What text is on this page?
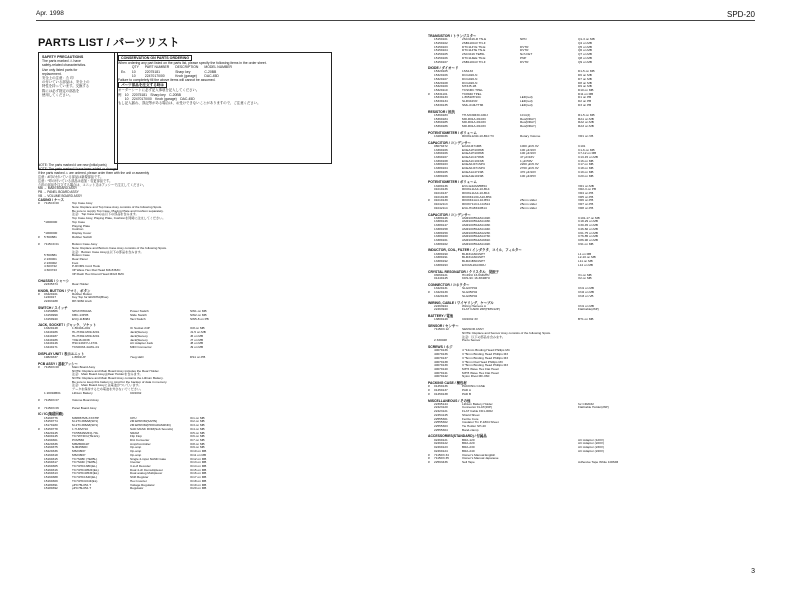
Apr. 1998	SPD-20
PARTS LIST / パーツリスト
SAFETY PRECAUTIONS
The parts marked ⚠ have
safety-related characteristics.
Use only listed parts for
replacement.
安全上の注意：⚠ 印
の付いている部品は、安全上の
特性を持っています。交換する
際には必ず指定の部品を
使用してください。
CONSERVATION ON PARTS ORDERING
When ordering any part listed on the parts list, please specify the following items in the order sheet.
	QTY	PART NUMBER	DESCRIPTION	MODEL NUMBER
Ex.	10	22075181	Sharp key	C-20BB
	10	22470170/00	Knob (garage)	DAC-45D
Failure to completely fill the above items will cannot be assumed.
パーツ部品を注文する時は
オーダーシートに必ず記入事項を記入してください。
例　10　22075181　Sharp key　C-20BB
　　10　22470170/00　Knob (garage)　DAC-45D
もし記入漏れ、誤記等がある場合は、お受けできないことがありますので、ご注意ください。
NOTE: The parts marked # are new (initial parts)
NOTE: The parts marked * have been added or changed
If the parts marked ⚠ are ordered, please order them with the unit or assembly
注意：#印の付いている部品は新規部品です。
注意：*印の付いている部品は追加・変更部品です。
⚠印の部品を注文する場合は、ユニット又はアッシーで注文してください。
MB → MAIN BOARD ASSY
PB → PANEL BOARD ASSY
VB → VOLUME BOARD ASSY
CASING / ケース
#	7115C9 00	Top Case Assy
Note: Replace and Top Case Assy consists of the following Spots.
Be sure to supply Top Case, Playing Plate and Cushion separately.
注意：Top Case Assyは以下の部品を含みます。
Top Case Assy, Playing Plate, Cushionを同時に注文してください。
*1000000	Top Case
Playing Plate
Cushion
*1000000	Display Cover
#	5 560881	Rubber Switch
#	7115C9 01	Bottom Case Assy
Note: Replace and Bottom Case Assy consists of the following Spots.
注意：Bottom Case Assyは以下の部品を含みます。
5 560881	Bottom Case
2 230001	Rear Panel
2 230002	Foot
4 603722	P-ROMS Cord Hook
4 603723	3P Wave Hex Flat Head M3x8 BZC
3P Flash Hex Round Head M3x6 BZC
CHASSIS / シャーシ
22335374	Rear Holder
KNOB, BUTTON / ツマミ、ボタン
#	03429101	Rubber Button
1240017	Key Top for ED/DHA(Blue)
22493188	RP-9060 knob
SWITCH / スイッチ
13159886	SPUN780A0A	Power Switch	SW1 on MB
13159999	KBC-13P05	Slide Switch	SW2 on MB
13159940	EVQ-11B384	Tact Switch	SW5-8 on PB
JACK, SOCKET / ジャック、ソケット
13329148	1 86403+001	IC Socket 24P	IC8 on MB
13449186	HLJ7392-M09-3201	Jack(Stereo)	J1-5 on MB
13449187	HLJ7392-M09-3201	Jack(Stereo)	J6 on MB
13449186	YKE16-0038	Jack(Stereo)	J7 on MB
13449146	HSC1494YU-4731	AC Adapter Jack	J8 on MB
13449171	TCN0033-4AWL-01	MIDI Connector	J9 on MB
DISPLAY UNIT / 表示ユニット
19829337	L 8801UP	7seg LED	DS1 on PB
PCB ASSY / 基板アッシー
#	7115D3 00	Main Board Assy
NOTE: Replace and Main Board Assy includes the Rear Holder.
注意：Main Board AssyはRear Holderを含みます。
NOTE: Replace and Main Board Assy contains the Lithium Battery.
Be sure to keep this battery in mind for the backup of data in memory.
注意：Main Board Assyには電池がついています。
データを保持するため電池を外さないでください。
1 20094B01	Lithium Battery	CR2032
#	7115D3 07	Volume Board Assy
#	7115D3 06	Panel Board Assy
IC / IC(集積回路)
15169776	M38867M6-XXXHP	CPU	IC1 on MB
15159774	M-2TCJ88A8(SP1)	2M EPROM(SAHN)	IC2 on MB
15179180	M-2TCJ88A8(SP1)	2M EPROM(PROGRAM2ND)	IC3 on MB
#	15159778	1 H-MVP10	SAD MASK ROM(Sub Sounds)	IC4 on MB
15229145	TC5564NMFQ-70L	SRAM	IC5 on MB
15209145	TC7W74FU(TE12L)	Flip Flop	IC6 on MB
15199301	PCM560	D/A Converter	IC7 on MB
15229336	M6M80011P	Amp/Controller	IC8 on MB
15169375	NJM4560D	Op-amp	IC9 on MB
15229336	M5238FP	Op-amp	IC10 on MB
15169318	M5238FP	Op-amp	IC11 on MB
15169315	TC7S08F (TE85L)	Single 2-input NAND Gate	IC12 on MB
15169317	TC7S04F (TE85L)	Inverter	IC13 on MB
15169305	TC74HC138F(EL)	3-to-8 Decoder	IC14 on MB
15169316	TC74HC4052F(EL)	Dual 4-ch Demultiplexer	IC15 on MB
15169313	TC74HC4053F(EL)	Dual analog Multiplexer	IC16 on MB
15169388	TC74HC164F(EL)	Shift Register	IC17 on MB
15169309	TC74HCU04F(EL)	Hex Inverter	IC18 on MB
15189391	μPC78L05J-T	Voltage Regulator	IC19 on MB
15189392	μPC78L05J-T	Regulator	IC20 on MB
TRANSISTOR / トランジスター
15159101	2SC3416-R TN-E	NPN	Q1-3 on MB
15159102	2SB1100-R TN-F	Q4 on MB
15159103	DTC114YE TN-E	DVTR	Q5 on MB
15159104	DTC114TE TN-E	DVTR	Q6 on MB
15159105	2SC3416 TE85L	Nch FET	Q7 on MB
15159106	DTC114EE TN-E	PNP	Q8 on MB
15159107	2SB1100-R TN-F	DVTR	Q9 on MB
DIODE / ダイオード
15329105	1SS133	D1-5 on MB
15329106	DCG020-N	D6 on MB
15329107	DCG020-N	D7 on MB
15329108	DCG020-N	D8 on MB
15329109	MTZJ5.1B	D9 on MB
15329110	TCSN6C TPEL	D10 on MB
#	15331101	TC8940 TPEL	D11 on MB
15339133	L 8651PP104	LED(red)	D1 on PB
15339134	SLR342VR	LED(red)	D2 on PB
15339135	SML-010LTT86	LED(red)	D3 on PB
RESISTOR / 抵抗
15369183	TH-MC9M30-0JDJ	10 Ω(J)	R1-5 on MB
15369184	MR-R01A-R1033	Res(RRAY)	RA1 on MB
15369185	MR-R01A-R1033	Res(RRAY)	RA2 on MB
15369186	MR-R01A-R1033	Res(RRAY)	RA3 on MB
POTENTIOMETER / ボリューム
13289036	RK09L1240-10-B10 T3	Rotary Volume	VR1 on VB
CAPACITOR / コンデンサー
08079472	ECA0J471MB	1000 μF/6.3V	C101
13399166	ECEA1H100SB	100 μF/16V	C1-6 on MB
13399166	ECEA1H100SB	100 μF/16V	C7-12 on MB
13399167	ECEA1C470SB	47 μF/16V	C13-15 on MB
13399168	ECEA1C101SB	1 μF/50V	C16 on MB
13389163	ECEA0J471SPU	2200 μF/6.3V	C17 on MB
13389164	ECEA0J471SPU	2700 μF/6.3V	C18 on MB
13389165	ECEA1A471SB	470 μF/10V	C19 on MB
13389166	ECEA1E101SB	100 μF/25V	C20 on MB
POTENTIOMETER / ボリューム
13289136	EVU-E2AM25B54	VR1 on MB
01019136	RK09L11A4-10-B14	VR2-3 on PB
01019137	RK09L11A4-10-B14	VR4 on PB
01019138	RK09K1130-A10-B54	VR5 on PB
#	01019139	RK09K11A4-10-B54	25mm slider	VR6 on PB
01042113	RK09Y11C4-10-B14	25mm slider	VR7 on PB
01042114	EVA-HGBK10B14	25mm slider	VR8 on PB
CAPACITOR / コンデンサー
13389146	AMZ1005S4ZA102K	C101-17 on MB
13389146	AMZ1005S4ZA103K	C18-29 on MB
13389147	AMZ1005S4ZA103K	C30-45 on MB
13389158	AMZ1005S4ZA104K	C46-60 on MB
13389159	AMZ1005S4ZA223K	C61-75 on MB
13389160	AMZ1005S4ZA473K	C76-85 on MB
13389161	AMZ1005S4ZA681K	C86-90 on MB
13389162	AMZ1005S4ZA102K	C91 on MB
INDUCTOR, COIL, FILTER / インダクタ、コイル、フィルター
13389190	BLM31A601SPT	L1 on MB
13389191	BLM31A601SPT	L2-10 on MB
13389192	BLM21B601SPT	L11 on MB
13389193	EXCML20A390U	L12 on MB
CRYSTAL RESONATOR / クリスタル、発振子
03069121	HC49/U 16.934MHz	X1 on MB
01449145	KDS-9C 16.384MHz	X2 on MB
CONNECTOR / コネクター
13429131	SLG07P04	CN1 on MB
#	13429139	SLG05P04	CN2 on MB
13429139	SLG05P04	CN3 on VB
WIRING, CABLE / ワイヤリング、ケーブル
22463944	Wiring Harness A	CN1 on MB
22463940	FLAT CARD 26P(HMN12P)	FlatCable(26P)
BATTERY / 電池
13809149	CR2032 3V	BT1 on MB
SENSOR / センサー
7115D3 12	SENSOR ASSY
NOTE: Replace and Sensor Assy consists of the following Spots.
注意：以下の部品を含みます。
2 330028	Piezo Sensor
SCREWS / ネジ
40079136	4 *12mm Binding Head Phillips M4
40079136	3 *8mm Binding Head Phillips M3
40079137	3 *6mm Binding Head Phillips M3
40079138	3 *8mm Flat Head Phillips M3
40079139	3 *8mm Binding Head Phillips M3
40079140	M3*6 Wave Hex Flat Head
40079141	M3*8 Wave Hex Flat Head
40079142	Nylon Rivet MF-060
PACKING CASE / 梱包材
#	01459136	PACKING CASE
#	01459137	PAD A
#	01459138	PAD B
MISCELLANEOUS / その他
22395144	Lithium Battery Holder	for CR2032
22423120	Connector FLAT(26P)	FlatCable Holder(26P)
22423121	FLAT Cable FD1-0062
22454145	Shield Sheet
22555301	Ferrite Core
22555302	Insulator Tin P-1804 Sheet
22555303	Tie Holder SH-40
22555304	Band-clamp
ACCESSORIES(STANDARD) / 付属品
02469121	BRA-120	AC Adaptor (120V)
02469122	BRA-220	AC Adaptor (220V)
02469123	BRA-230	AC Adaptor (230V)
02469124	BRA-240	AC Adaptor (240V)
#	7115D3 34	Owner's Manual English
#	7115D3 35	Owner's Manual Japanese
#	22593436	Sell Tape	Adhesive Tape White 100MM
3
